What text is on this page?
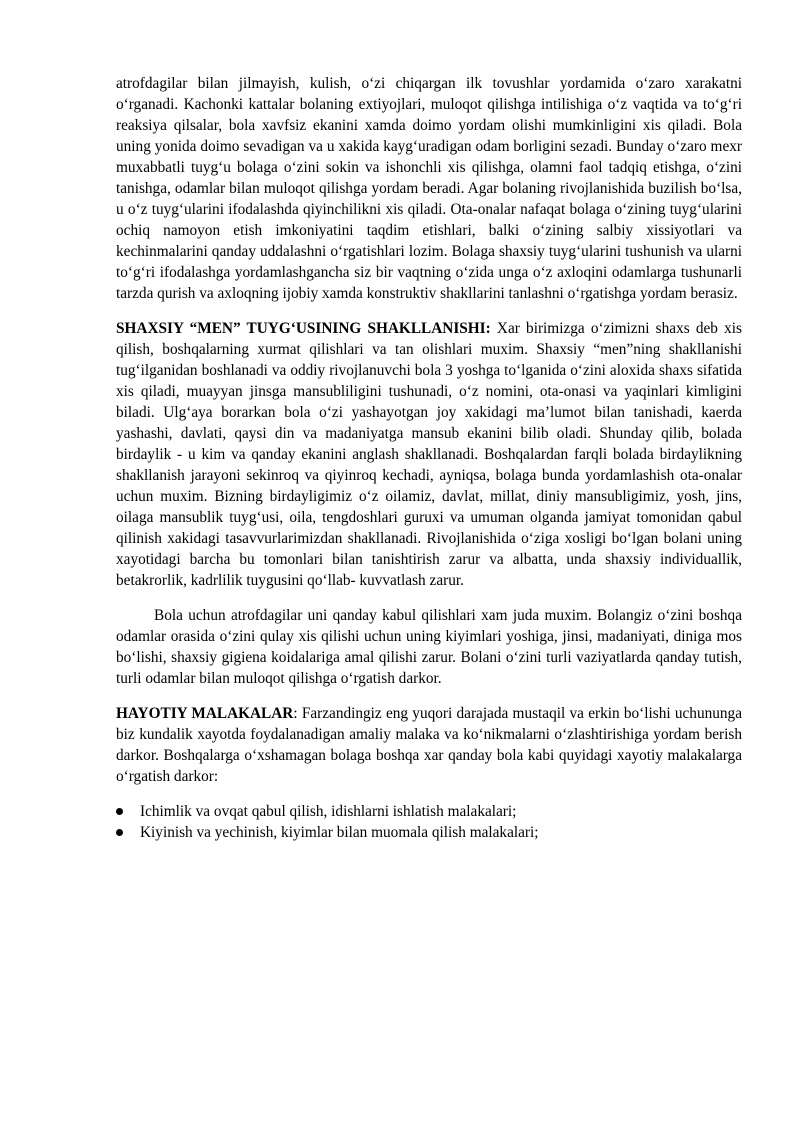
atrofdagilar bilan jilmayish, kulish, o‘zi chiqargan ilk tovushlar yordamida o‘zaro xarakatni o‘rganadi. Kachonki kattalar bolaning extiyojlari, muloqot qilishga intilishiga o‘z vaqtida va to‘g‘ri reaksiya qilsalar, bola xavfsiz ekanini xamda doimo yordam olishi mumkinligini xis qiladi. Bola uning yonida doimo sevadigan va u xakida kayg‘uradigan odam borligini sezadi. Bunday o‘zaro mexr muxabbatli tuyg‘u bolaga o‘zini sokin va ishonchli xis qilishga, olamni faol tadqiq etishga, o‘zini tanishga, odamlar bilan muloqot qilishga yordam beradi. Agar bolaning rivojlanishida buzilish bo‘lsa, u o‘z tuyg‘ularini ifodalashda qiyinchilikni xis qiladi. Ota-onalar nafaqat bolaga o‘zining tuyg‘ularini ochiq namoyon etish imkoniyatini taqdim etishlari, balki o‘zining salbiy xissiyotlari va kechinmalarini qanday uddalashni o‘rgatishlari lozim. Bolaga shaxsiy tuyg‘ularini tushunish va ularni to‘g‘ri ifodalashga yordamlashgancha siz bir vaqtning o‘zida unga o‘z axloqini odamlarga tushunarli tarzda qurish va axloqning ijobiy xamda konstruktiv shakllarini tanlashni o‘rgatishga yordam berasiz.

SHAXSIY “MEN” TUYG‘USINING SHAKLLANISHI: Xar birimizga o‘zimizni shaxs deb xis qilish, boshqalarning xurmat qilishlari va tan olishlari muxim. Shaxsiy “men”ning shakllanishi tug‘ilganidan boshlanadi va oddiy rivojlanuvchi bola 3 yoshga to‘lganida o‘zini aloxida shaxs sifatida xis qiladi, muayyan jinsga mansubliligini tushunadi, o‘z nomini, ota-onasi va yaqinlari kimligini biladi. Ulg‘aya borarkan bola o‘zi yashayotgan joy xakidagi ma’lumot bilan tanishadi, kaerda yashashi, davlati, qaysi din va madaniyatga mansub ekanini bilib oladi. Shunday qilib, bolada birdaylik - u kim va qanday ekanini anglash shakllanadi. Boshqalardan farqli bolada birdaylikning shakllanish jarayoni sekinroq va qiyinroq kechadi, ayniqsa, bolaga bunda yordamlashish ota-onalar uchun muxim. Bizning birdayligimiz o‘z oilamiz, davlat, millat, diniy mansubligimiz, yosh, jins, oilaga mansublik tuyg‘usi, oila, tengdoshlari guruxi va umuman olganda jamiyat tomonidan qabul qilinish xakidagi tasavvurlarimizdan shakllanadi. Rivojlanishida o‘ziga xosligi bo‘lgan bolani uning xayotidagi barcha bu tomonlari bilan tanishtirish zarur va albatta, unda shaxsiy individuallik, betakrorlik, kadrlilik tuygusini qo‘llab- kuvvatlash zarur.

Bola uchun atrofdagilar uni qanday kabul qilishlari xam juda muxim. Bolangiz o‘zini boshqa odamlar orasida o‘zini qulay xis qilishi uchun uning kiyimlari yoshiga, jinsi, madaniyati, diniga mos bo‘lishi, shaxsiy gigiena koidalariga amal qilishi zarur. Bolani o‘zini turli vaziyatlarda qanday tutish, turli odamlar bilan muloqot qilishga o‘rgatish darkor.

HAYOTIY MALAKALAR: Farzandingiz eng yuqori darajada mustaqil va erkin bo‘lishi uchununga biz kundalik xayotda foydalanadigan amaliy malaka va ko‘nikmalarni o‘zlashtirishiga yordam berish darkor. Boshqalarga o‘xshamagan bolaga boshqa xar qanday bola kabi quyidagi xayotiy malakalarga o‘rgatish darkor:

Ichimlik va ovqat qabul qilish, idishlarni ishlatish malakalari;
Kiyinish va yechinish, kiyimlar bilan muomala qilish malakalari;
